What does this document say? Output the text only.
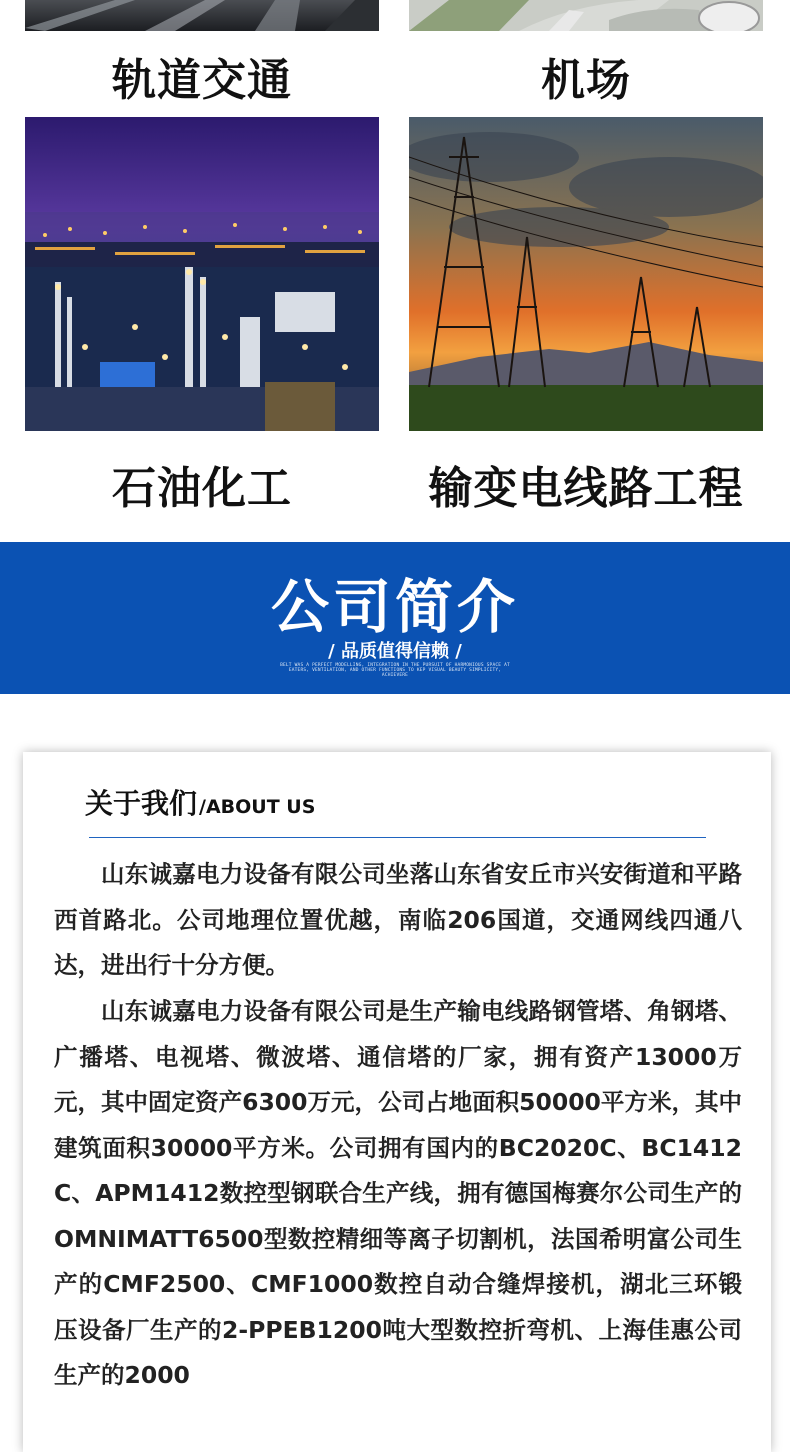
轨道交通	机场
石油化工	输变电线路工程
公司简介
/ 品质值得信赖 /
BELT WAS A PERFECT MODELLING, INTEGRATION IN THE PURSUIT OF HARMONIOUS SPACE AT EATERS, VENTILATION, AND OTHER FUNCTIONS TO KEP VISUAL BEAUTY SIMPLICITY, ACHIEVERE
关于我们 /ABOUT US

山东诚嘉电力设备有限公司坐落山东省安丘市兴安街道和平路西首路北。公司地理位置优越，南临206国道，交通网线四通八达，进出行十分方便。

山东诚嘉电力设备有限公司是生产输电线路钢管塔、角钢塔、广播塔、电视塔、微波塔、通信塔的厂家，拥有资产13000万元，其中固定资产6300万元，公司占地面积50000平方米，其中建筑面积30000平方米。公司拥有国内的BC2020C、BC1412C、APM1412数控型钢联合生产线，拥有德国梅赛尔公司生产的OMNIMATT6500型数控精细等离子切割机，法国希明富公司生产的CMF2500、CMF1000数控自动合缝焊接机，湖北三环锻压设备厂生产的2-PPEB1200吨大型数控折弯机、上海佳惠公司生产的2000
